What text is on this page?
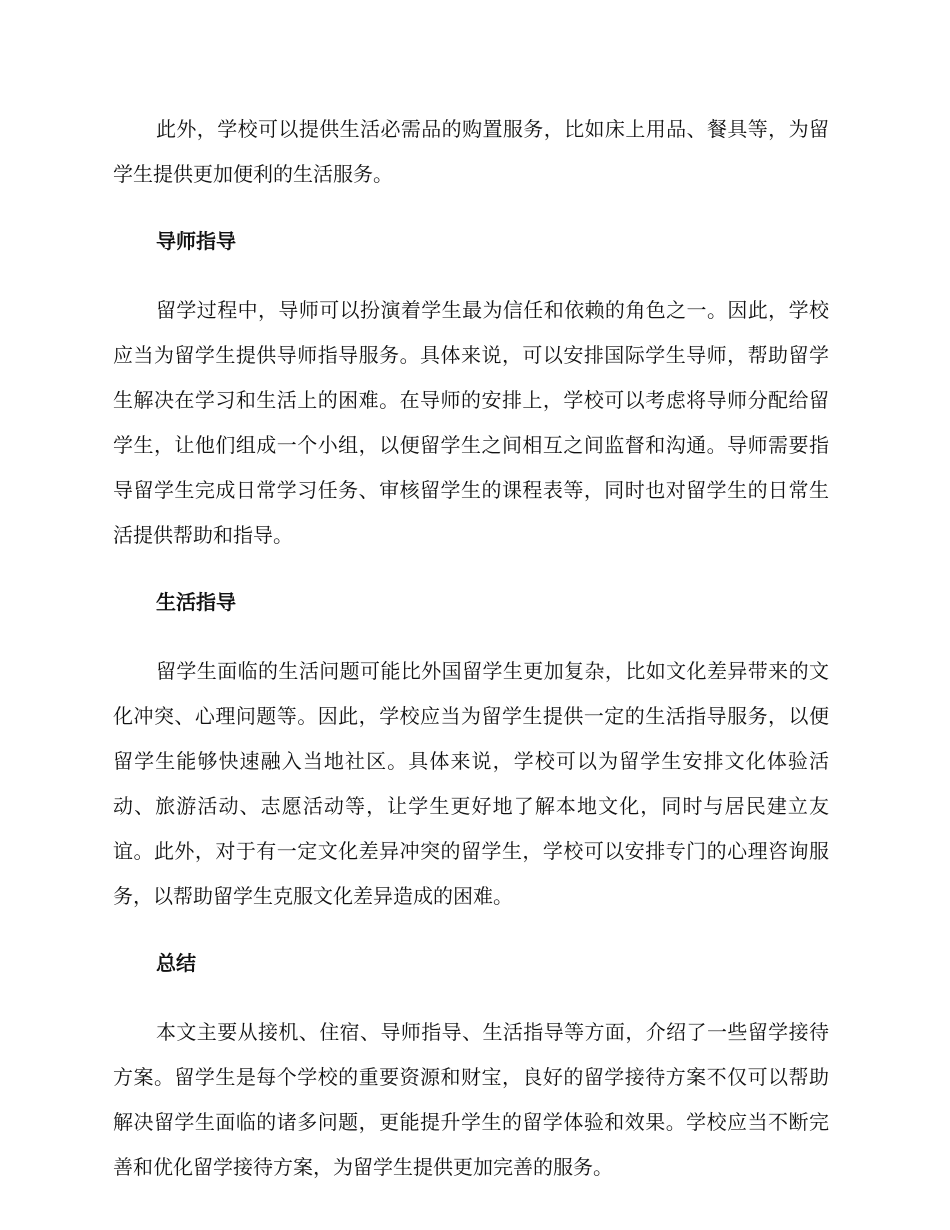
此外，学校可以提供生活必需品的购置服务，比如床上用品、餐具等，为留学生提供更加便利的生活服务。

导师指导

留学过程中，导师可以扮演着学生最为信任和依赖的角色之一。因此，学校应当为留学生提供导师指导服务。具体来说，可以安排国际学生导师，帮助留学生解决在学习和生活上的困难。在导师的安排上，学校可以考虑将导师分配给留学生，让他们组成一个小组，以便留学生之间相互之间监督和沟通。导师需要指导留学生完成日常学习任务、审核留学生的课程表等，同时也对留学生的日常生活提供帮助和指导。

生活指导

留学生面临的生活问题可能比外国留学生更加复杂，比如文化差异带来的文化冲突、心理问题等。因此，学校应当为留学生提供一定的生活指导服务，以便留学生能够快速融入当地社区。具体来说，学校可以为留学生安排文化体验活动、旅游活动、志愿活动等，让学生更好地了解本地文化，同时与居民建立友谊。此外，对于有一定文化差异冲突的留学生，学校可以安排专门的心理咨询服务，以帮助留学生克服文化差异造成的困难。

总结

本文主要从接机、住宿、导师指导、生活指导等方面，介绍了一些留学接待方案。留学生是每个学校的重要资源和财宝，良好的留学接待方案不仅可以帮助解决留学生面临的诸多问题，更能提升学生的留学体验和效果。学校应当不断完善和优化留学接待方案，为留学生提供更加完善的服务。
